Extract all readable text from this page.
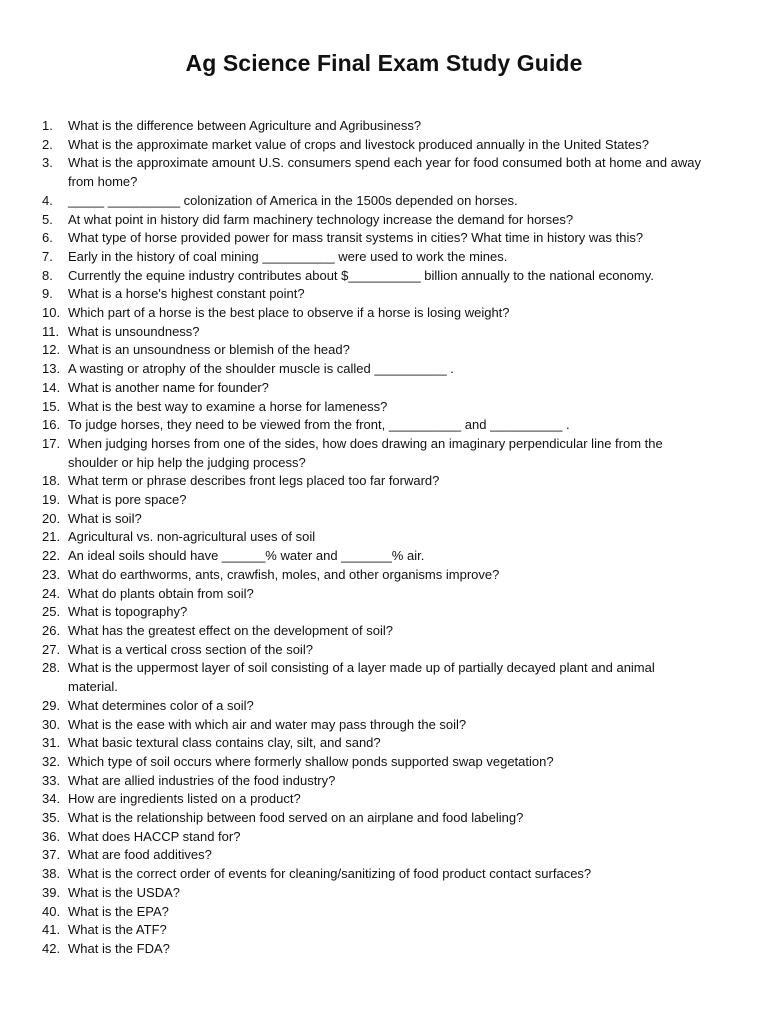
Ag Science Final Exam Study Guide
1.	What is the difference between Agriculture and Agribusiness?
2.	What is the approximate market value of crops and livestock produced annually in the United States?
3.	What is the approximate amount U.S. consumers spend each year for food consumed both at home and away from home?
4.	_____ __________ colonization of America in the 1500s depended on horses.
5.	At what point in history did farm machinery technology increase the demand for horses?
6.	What type of horse provided power for mass transit systems in cities? What time in history was this?
7.	Early in the history of coal mining __________ were used to work the mines.
8.	Currently the equine industry contributes about $__________ billion annually to the national economy.
9.	What is a horse's highest constant point?
10. Which part of a horse is the best place to observe if a horse is losing weight?
11. What is unsoundness?
12. What is an unsoundness or blemish of the head?
13. A wasting or atrophy of the shoulder muscle is called __________ .
14. What is another name for founder?
15. What is the best way to examine a horse for lameness?
16. To judge horses, they need to be viewed from the front, __________ and __________ .
17. When judging horses from one of the sides, how does drawing an imaginary perpendicular line from the shoulder or hip help the judging process?
18. What term or phrase describes front legs placed too far forward?
19. What is pore space?
20. What is soil?
21. Agricultural vs. non-agricultural uses of soil
22. An ideal soils should have ______% water and _______% air.
23. What do earthworms, ants, crawfish, moles, and other organisms improve?
24. What do plants obtain from soil?
25. What is topography?
26. What has the greatest effect on the development of soil?
27. What is a vertical cross section of the soil?
28. What is the uppermost layer of soil consisting of a layer made up of partially decayed plant and animal material.
29. What determines color of a soil?
30. What is the ease with which air and water may pass through the soil?
31. What basic textural class contains clay, silt, and sand?
32. Which type of soil occurs where formerly shallow ponds supported swap vegetation?
33. What are allied industries of the food industry?
34. How are ingredients listed on a product?
35. What is the relationship between food served on an airplane and food labeling?
36. What does HACCP stand for?
37. What are food additives?
38. What is the correct order of events for cleaning/sanitizing of food product contact surfaces?
39. What is the USDA?
40. What is the EPA?
41. What is the ATF?
42. What is the FDA?
